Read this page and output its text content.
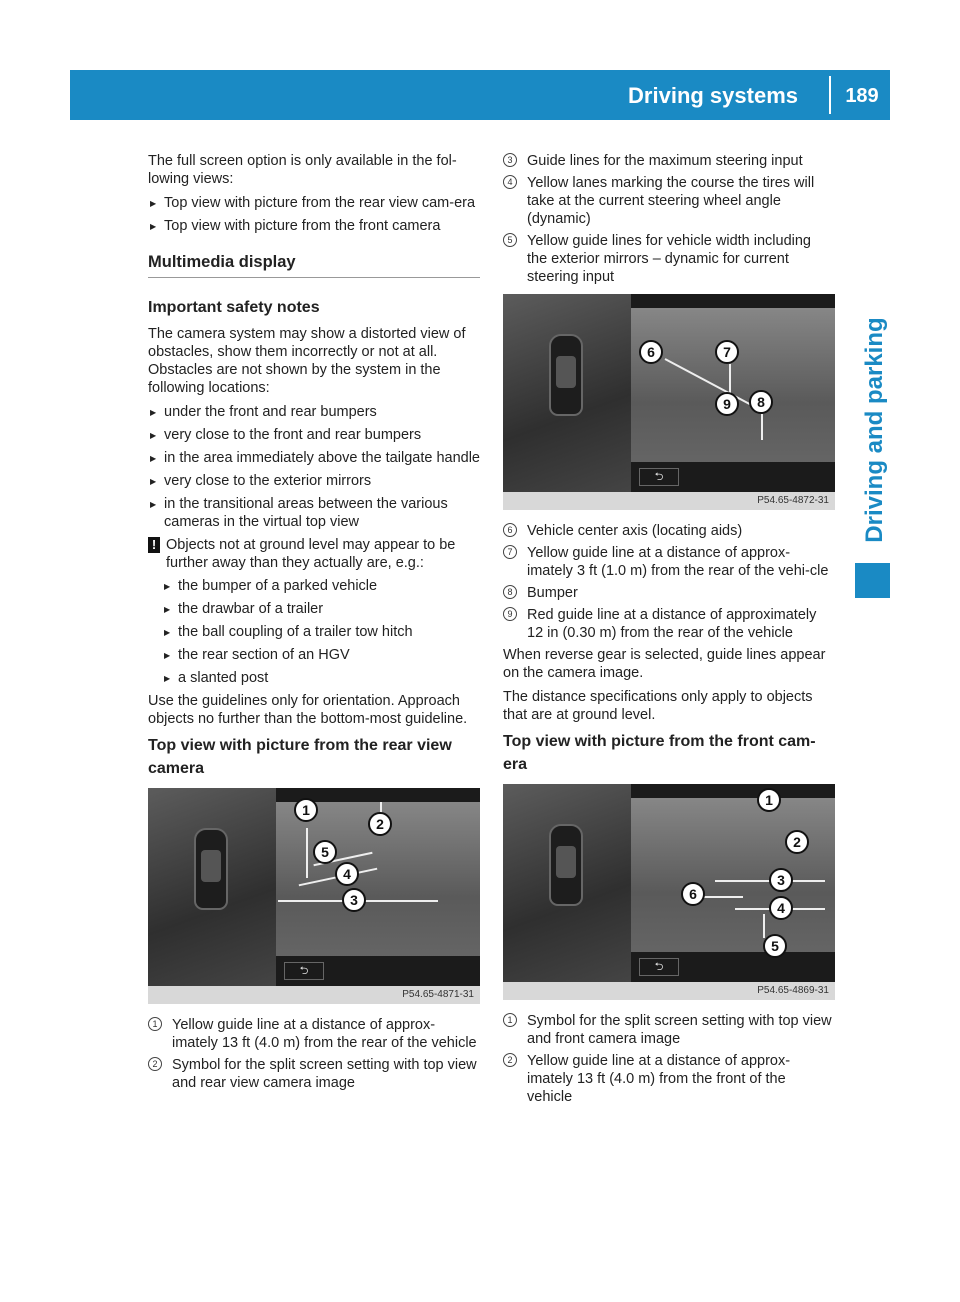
Driving systems	189
Driving and parking

The full screen option is only available in the fol-lowing views:

▶ Top view with picture from the rear view cam-era
▶ Top view with picture from the front camera
Multimedia display
Important safety notes

The camera system may show a distorted view of obstacles, show them incorrectly or not at all. Obstacles are not shown by the system in the following locations:

▶ under the front and rear bumpers
▶ very close to the front and rear bumpers
▶ in the area immediately above the tailgate handle
▶ very close to the exterior mirrors
▶ in the transitional areas between the various cameras in the virtual top view
! Objects not at ground level may appear to be further away than they actually are, e.g.:
▶ the bumper of a parked vehicle
▶ the drawbar of a trailer
▶ the ball coupling of a trailer tow hitch
▶ the rear section of an HGV
▶ a slanted post

Use the guidelines only for orientation. Approach objects no further than the bottom-most guideline.

Top view with picture from the rear view camera
⮌
1
2
5
4
3
P54.65-4871-31
1	Yellow guide line at a distance of approx-imately 13 ft (4.0 m) from the rear of the vehicle
2	Symbol for the split screen setting with top view and rear view camera image
3	Guide lines for the maximum steering input
4	Yellow lanes marking the course the tires will take at the current steering wheel angle (dynamic)
5	Yellow guide lines for vehicle width including the exterior mirrors – dynamic for current steering input
⮌
6	7
9	8
P54.65-4872-31
6	Vehicle center axis (locating aids)
7	Yellow guide line at a distance of approx-imately 3 ft (1.0 m) from the rear of the vehi-cle
8	Bumper
9	Red guide line at a distance of approximately 12 in (0.30 m) from the rear of the vehicle

When reverse gear is selected, guide lines appear on the camera image.

The distance specifications only apply to objects that are at ground level.

Top view with picture from the front cam-era
⮌
1
2
3
6
4
5
P54.65-4869-31
1	Symbol for the split screen setting with top view and front camera image
2	Yellow guide line at a distance of approx-imately 13 ft (4.0 m) from the front of the vehicle
